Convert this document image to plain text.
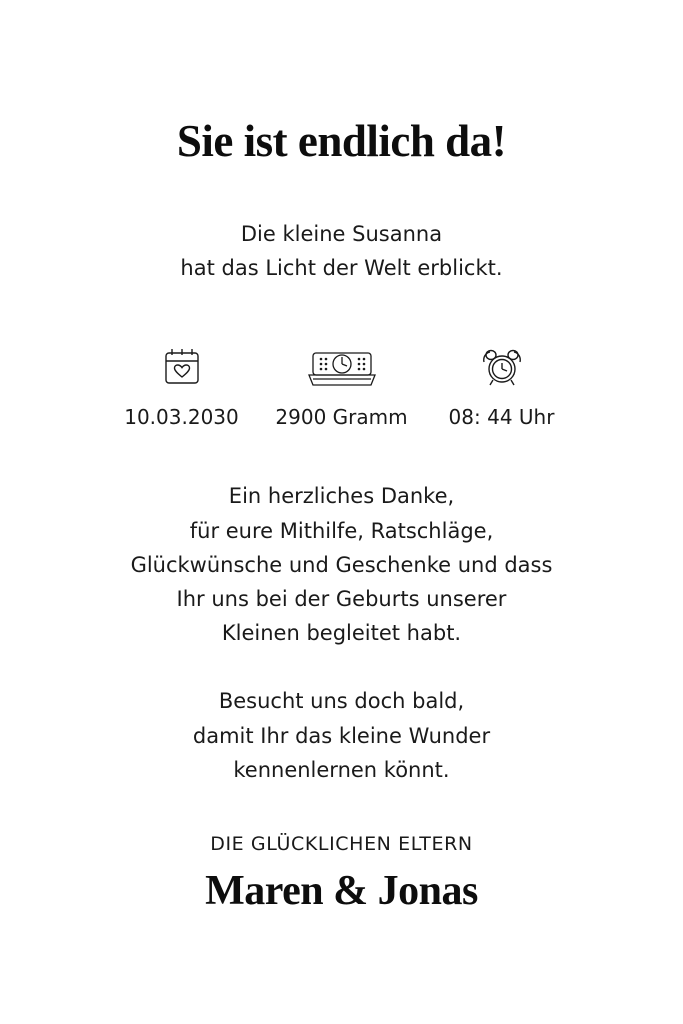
Sie ist endlich da!
Die kleine Susanna
hat das Licht der Welt erblickt.
10.03.2030 2900 Gramm 08: 44 Uhr
Ein herzliches Danke,
für eure Mithilfe, Ratschläge,
Glückwünsche und Geschenke und dass
Ihr uns bei der Geburts unserer
Kleinen begleitet habt.
Besucht uns doch bald,
damit Ihr das kleine Wunder
kennenlernen könnt.
DIE GLÜCKLICHEN ELTERN
Maren & Jonas
